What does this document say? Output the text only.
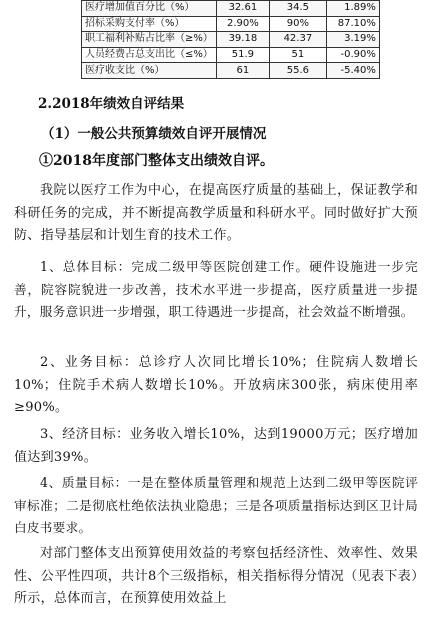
医疗增加值百分比（%）	32.61	34.5	1.89%
招标采购支付率（%）	2.90%	90%	87.10%
职工福利补贴占比率（≥%）	39.18	42.37	3.19%
人员经费占总支出比（≤%）	51.9	51	-0.90%
医疗收支比（%）	61	55.6	-5.40%
2.2018年绩效自评结果
（1）一般公共预算绩效自评开展情况
①2018年度部门整体支出绩效自评。
我院以医疗工作为中心，在提高医疗质量的基础上，保证教学和科研任务的完成，并不断提高教学质量和科研水平。同时做好扩大预防、指导基层和计划生育的技术工作。
1、总体目标：完成二级甲等医院创建工作。硬件设施进一步完善，院容院貌进一步改善，技术水平进一步提高，医疗质量进一步提升，服务意识进一步增强，职工待遇进一步提高，社会效益不断增强。
2、业务目标：总诊疗人次同比增长10%；住院病人数增长10%；住院手术病人数增长10%。开放病床300张，病床使用率≥90%。
3、经济目标：业务收入增长10%，达到19000万元；医疗增加值达到39%。
4、质量目标：一是在整体质量管理和规范上达到二级甲等医院评审标准；二是彻底杜绝依法执业隐患；三是各项质量指标达到区卫计局白皮书要求。
对部门整体支出预算使用效益的考察包括经济性、效率性、效果性、公平性四项，共计8个三级指标，相关指标得分情况（见表下表）所示，总体而言，在预算使用效益上
